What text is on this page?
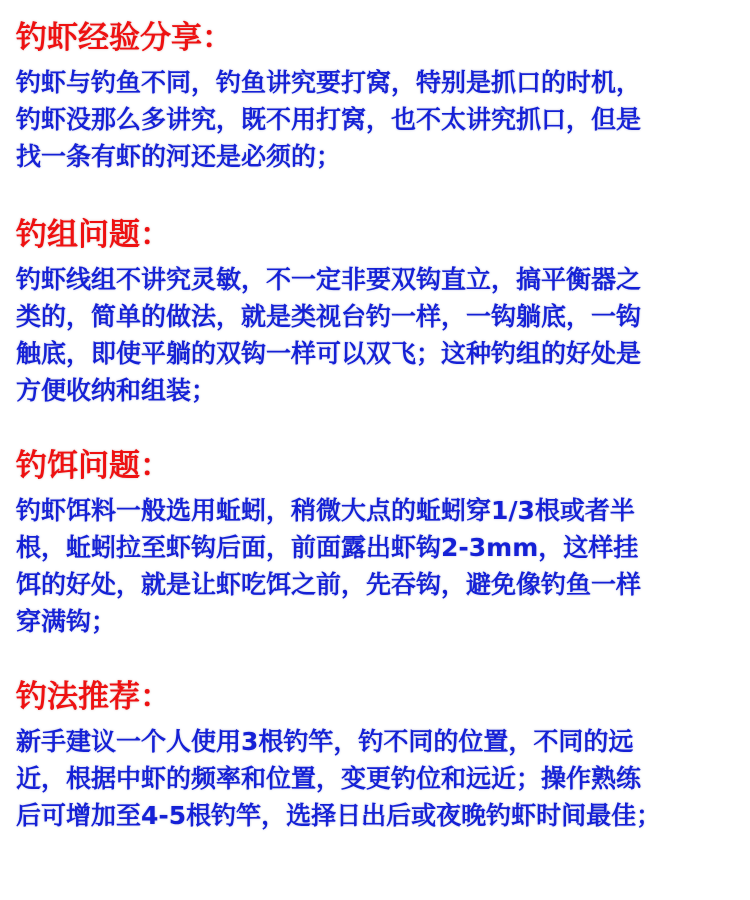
钓虾经验分享：
钓虾与钓鱼不同，钓鱼讲究要打窝，特别是抓口的时机，
钓虾没那么多讲究，既不用打窝，也不太讲究抓口，但是
找一条有虾的河还是必须的；
钓组问题：
钓虾线组不讲究灵敏，不一定非要双钩直立，搞平衡器之
类的，简单的做法，就是类视台钓一样，一钩躺底，一钩
触底，即使平躺的双钩一样可以双飞；这种钓组的好处是
方便收纳和组装；
钓饵问题：
钓虾饵料一般选用蚯蚓，稍微大点的蚯蚓穿1/3根或者半
根，蚯蚓拉至虾钩后面，前面露出虾钩2-3mm，这样挂
饵的好处，就是让虾吃饵之前，先吞钩，避免像钓鱼一样
穿满钩；
钓法推荐：
新手建议一个人使用3根钓竿，钓不同的位置，不同的远
近，根据中虾的频率和位置，变更钓位和远近；操作熟练
后可增加至4-5根钓竿，选择日出后或夜晚钓虾时间最佳；
